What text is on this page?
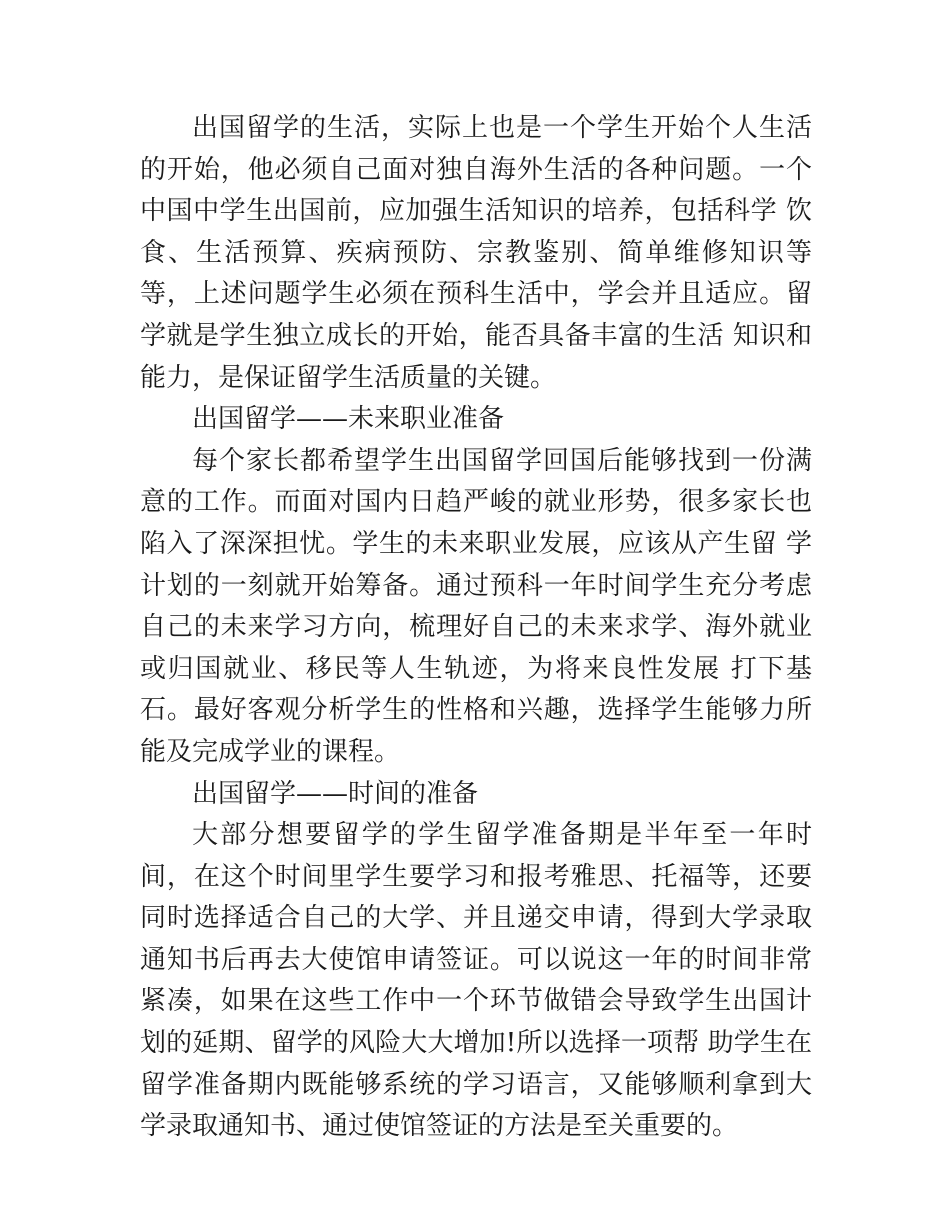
出国留学的生活，实际上也是一个学生开始个人生活的开始，他必须自己面对独自海外生活的各种问题。一个中国中学生出国前，应加强生活知识的培养，包括科学 饮食、生活预算、疾病预防、宗教鉴别、简单维修知识等等，上述问题学生必须在预科生活中，学会并且适应。留学就是学生独立成长的开始，能否具备丰富的生活 知识和能力，是保证留学生活质量的关键。

出国留学——未来职业准备

每个家长都希望学生出国留学回国后能够找到一份满意的工作。而面对国内日趋严峻的就业形势，很多家长也陷入了深深担忧。学生的未来职业发展，应该从产生留 学计划的一刻就开始筹备。通过预科一年时间学生充分考虑自己的未来学习方向，梳理好自己的未来求学、海外就业或归国就业、移民等人生轨迹，为将来良性发展 打下基石。最好客观分析学生的性格和兴趣，选择学生能够力所能及完成学业的课程。

出国留学——时间的准备

大部分想要留学的学生留学准备期是半年至一年时间，在这个时间里学生要学习和报考雅思、托福等，还要同时选择适合自己的大学、并且递交申请，得到大学录取 通知书后再去大使馆申请签证。可以说这一年的时间非常紧凑，如果在这些工作中一个环节做错会导致学生出国计划的延期、留学的风险大大增加!所以选择一项帮 助学生在留学准备期内既能够系统的学习语言，又能够顺利拿到大学录取通知书、通过使馆签证的方法是至关重要的。
